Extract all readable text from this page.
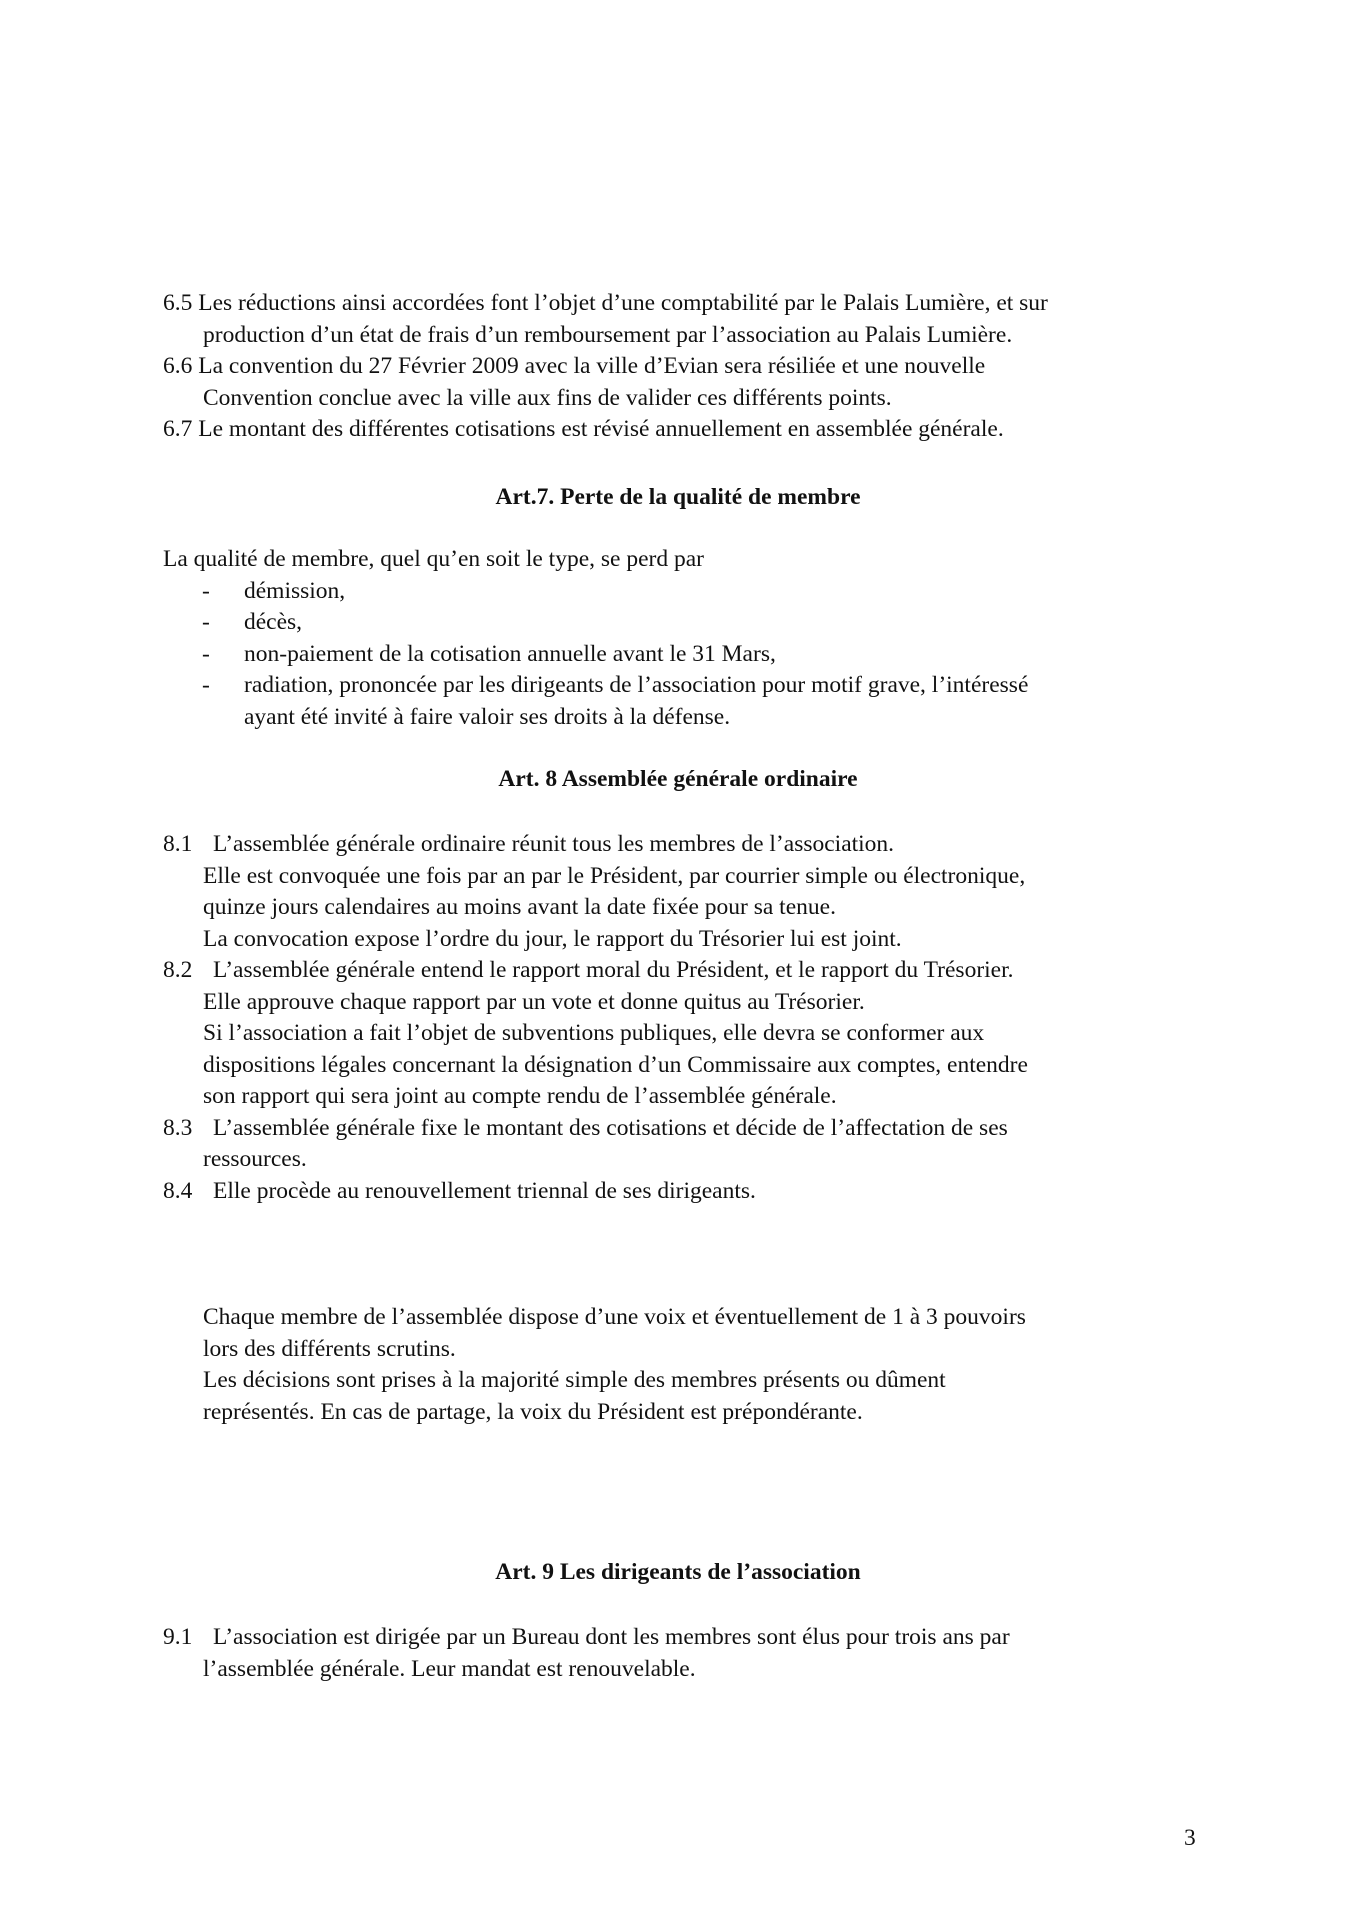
6.5 Les réductions ainsi accordées font l’objet d’une comptabilité par le Palais Lumière, et sur
production d’un état de frais d’un remboursement par l’association au Palais Lumière.
6.6 La convention du 27 Février 2009 avec la ville d’Evian sera résiliée et une nouvelle
Convention conclue avec la ville aux fins de valider ces différents points.
6.7 Le montant des différentes cotisations est révisé annuellement en assemblée générale.
Art.7. Perte de la qualité de membre
La qualité de membre, quel qu’en soit le type, se perd par
- démission,
- décès,
- non-paiement de la cotisation annuelle avant le 31 Mars,
- radiation, prononcée par les dirigeants de l’association pour motif grave, l’intéressé
ayant été invité à faire valoir ses droits à la défense.
Art. 8 Assemblée générale ordinaire
8.1 L’assemblée générale ordinaire réunit tous les membres de l’association.
Elle est convoquée une fois par an par le Président, par courrier simple ou électronique,
quinze jours calendaires au moins avant la date fixée pour sa tenue.
La convocation expose l’ordre du jour, le rapport du Trésorier lui est joint.
8.2 L’assemblée générale entend le rapport moral du Président, et le rapport du Trésorier.
Elle approuve chaque rapport par un vote et donne quitus au Trésorier.
Si l’association a fait l’objet de subventions publiques, elle devra se conformer aux
dispositions légales concernant la désignation d’un Commissaire aux comptes, entendre
son rapport qui sera joint au compte rendu de l’assemblée générale.
8.3 L’assemblée générale fixe le montant des cotisations et décide de l’affectation de ses
ressources.
8.4 Elle procède au renouvellement triennal de ses dirigeants.
Chaque membre de l’assemblée dispose d’une voix et éventuellement de 1 à 3 pouvoirs
lors des différents scrutins.
Les décisions sont prises à la majorité simple des membres présents ou dûment
représentés. En cas de partage, la voix du Président est prépondérante.
Art. 9 Les dirigeants de l’association
9.1 L’association est dirigée par un Bureau dont les membres sont élus pour trois ans par
l’assemblée générale. Leur mandat est renouvelable.
3
